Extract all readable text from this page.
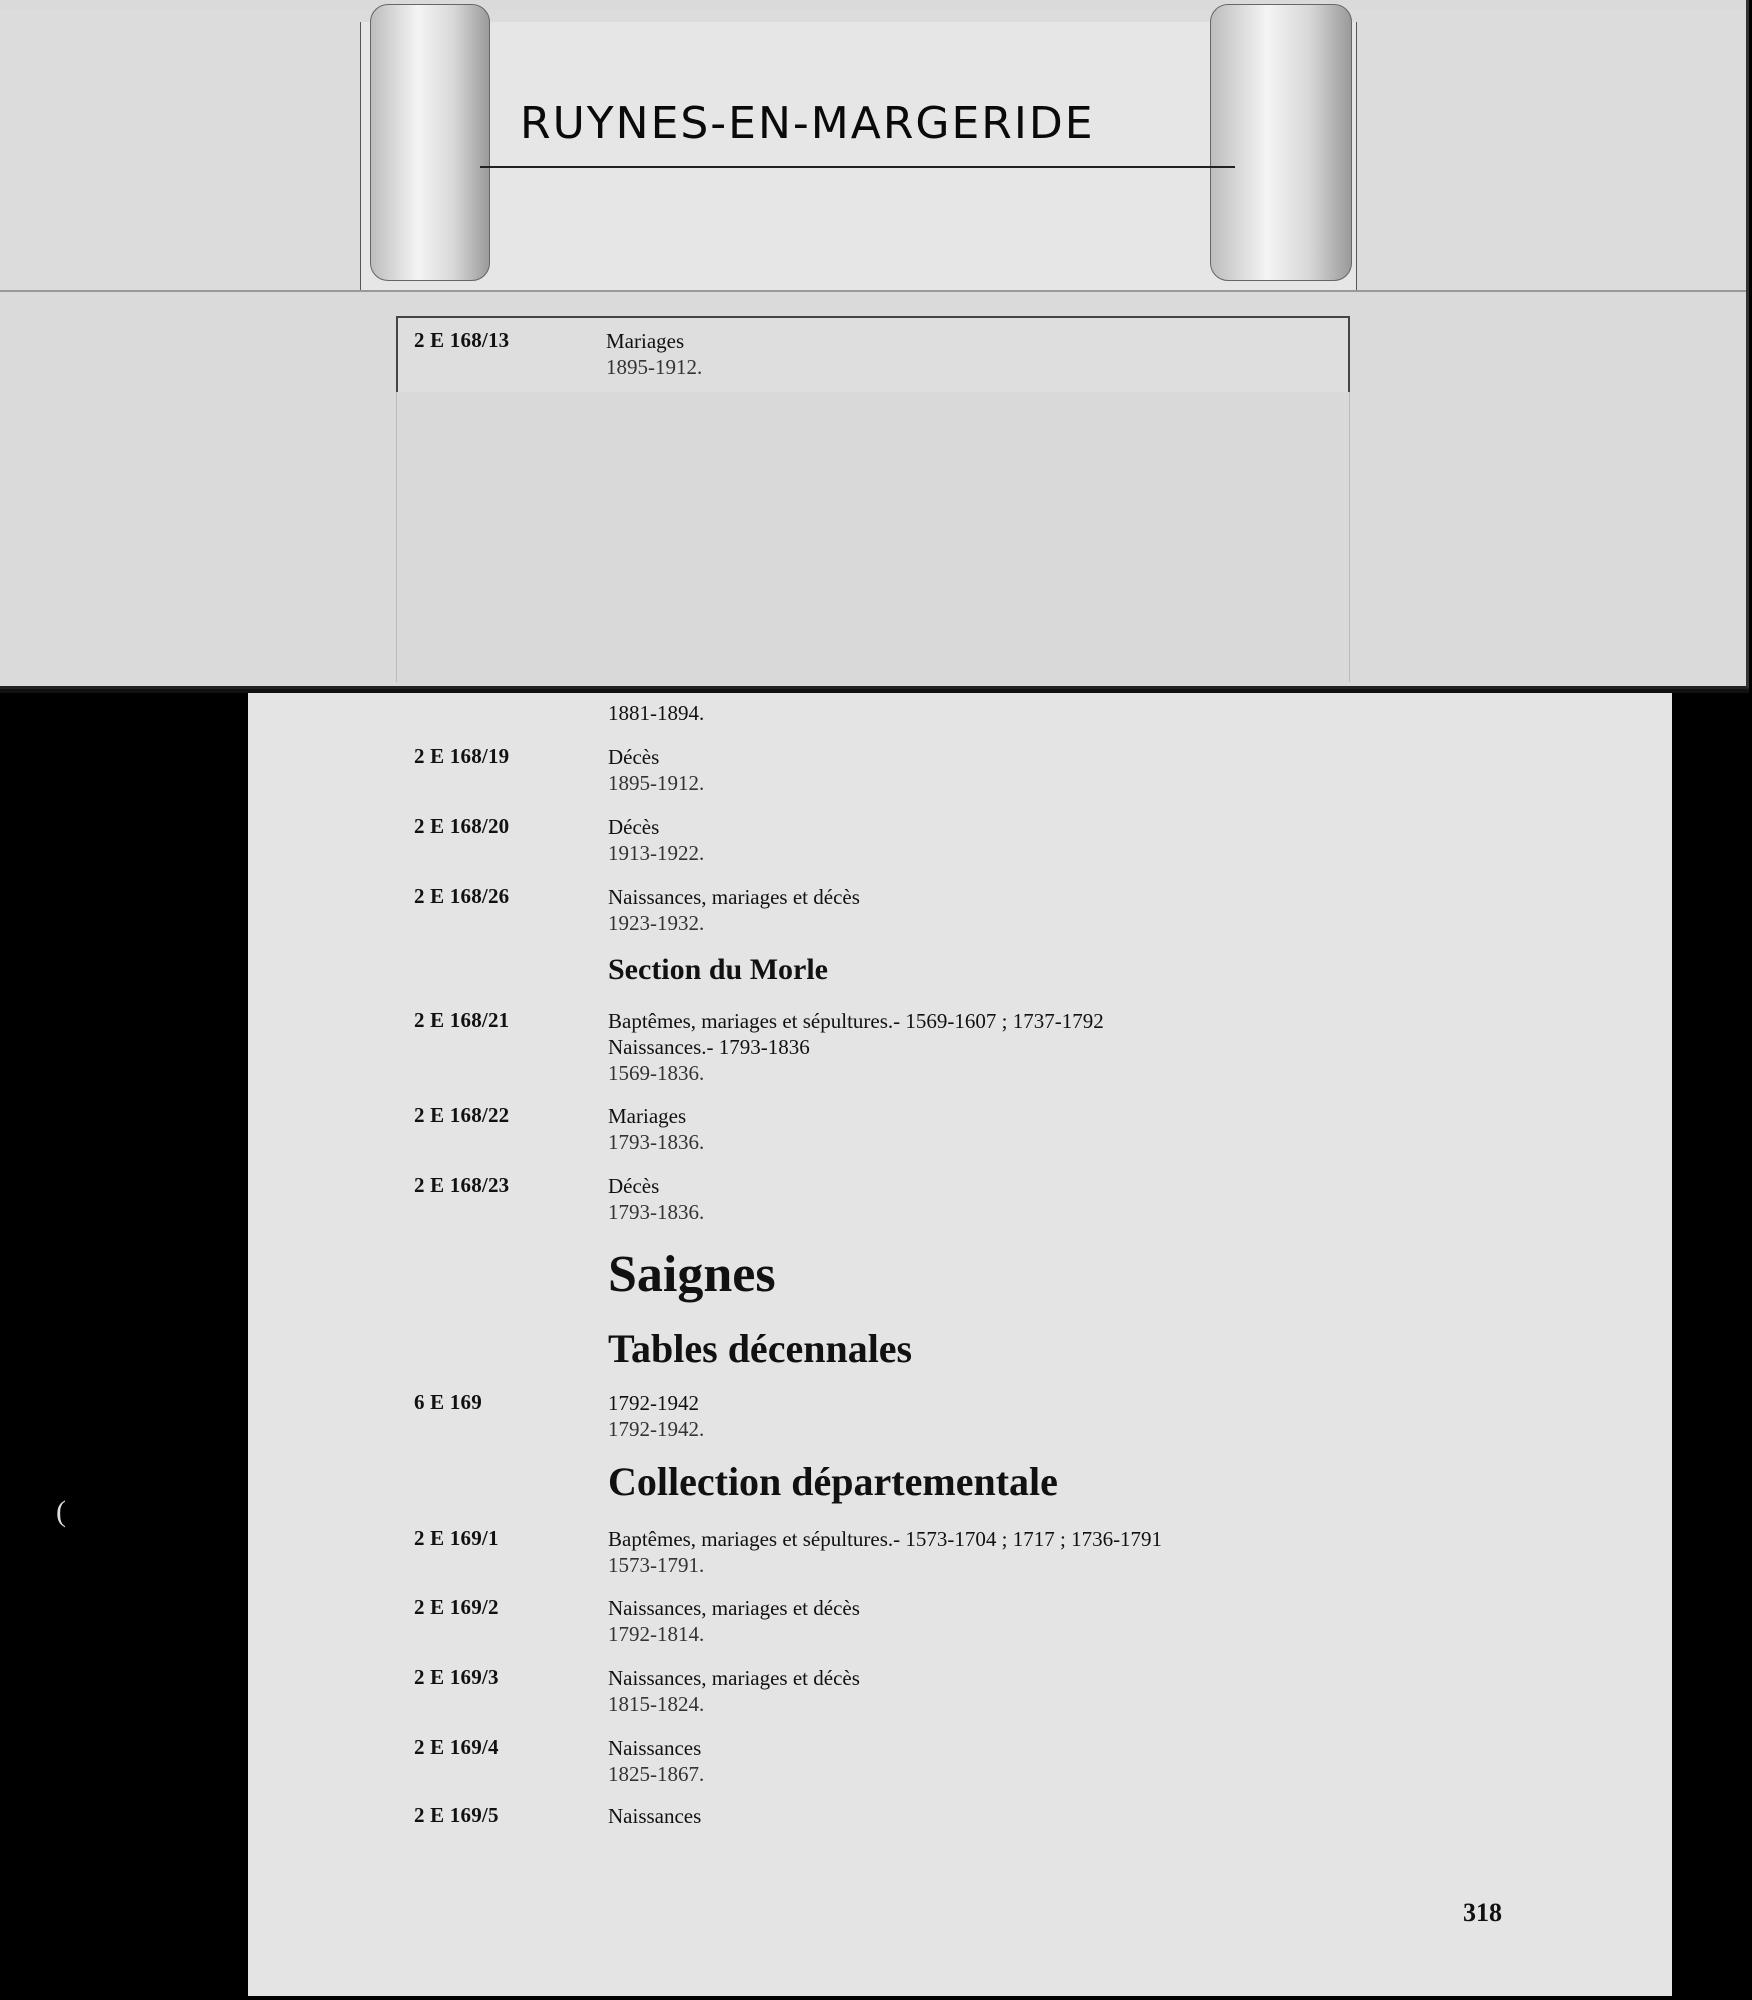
1881-1894.
2 E 168/19	Décès
1895-1912.
2 E 168/20	Décès
1913-1922.
2 E 168/26	Naissances, mariages et décès
1923-1932.
Section du Morle
2 E 168/21	Baptêmes, mariages et sépultures.- 1569-1607 ; 1737-1792
Naissances.- 1793-1836
1569-1836.
2 E 168/22	Mariages
1793-1836.
2 E 168/23	Décès
1793-1836.
Saignes
Tables décennales
6 E 169	1792-1942
1792-1942.
Collection départementale
2 E 169/1	Baptêmes, mariages et sépultures.- 1573-1704 ; 1717 ; 1736-1791
1573-1791.
2 E 169/2	Naissances, mariages et décès
1792-1814.
2 E 169/3	Naissances, mariages et décès
1815-1824.
2 E 169/4	Naissances
1825-1867.
2 E 169/5	Naissances
318
RUYNES-EN-MARGERIDE
2 E 168/13	Mariages
1895-1912.
(
